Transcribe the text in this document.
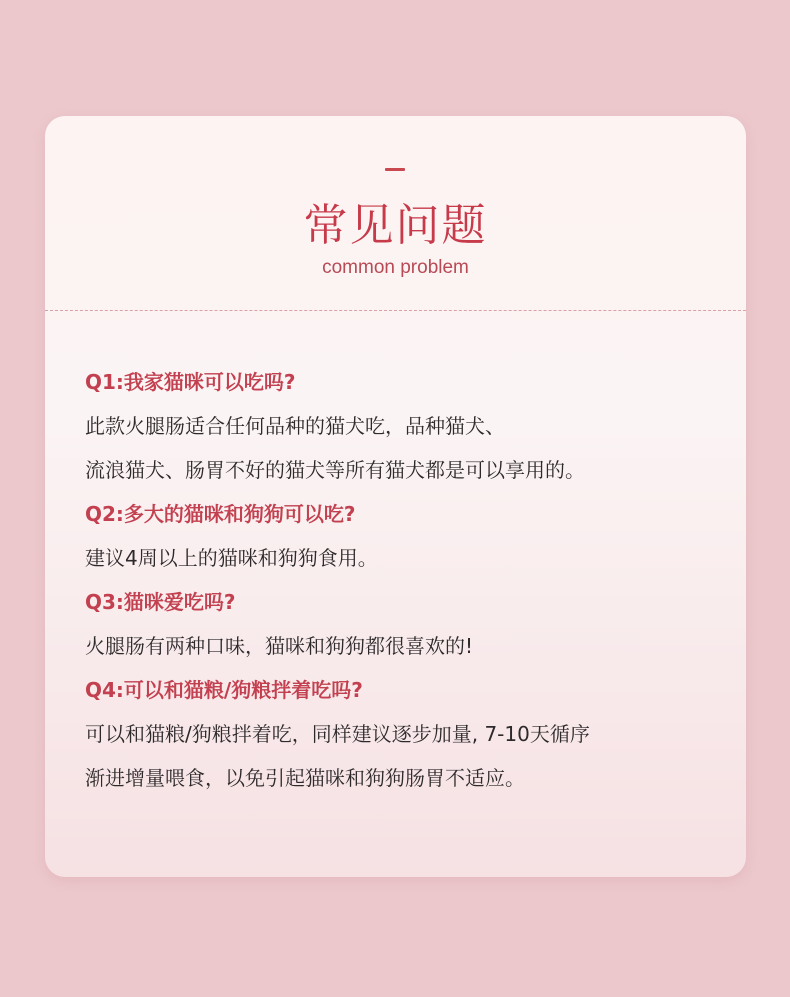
常见问题
common problem
Q1:我家猫咪可以吃吗?
此款火腿肠适合任何品种的猫犬吃，品种猫犬、
流浪猫犬、肠胃不好的猫犬等所有猫犬都是可以享用的。
Q2:多大的猫咪和狗狗可以吃?
建议4周以上的猫咪和狗狗食用。
Q3:猫咪爱吃吗?
火腿肠有两种口味，猫咪和狗狗都很喜欢的!
Q4:可以和猫粮/狗粮拌着吃吗?
可以和猫粮/狗粮拌着吃，同样建议逐步加量, 7-10天循序
渐进增量喂食，以免引起猫咪和狗狗肠胃不适应。
